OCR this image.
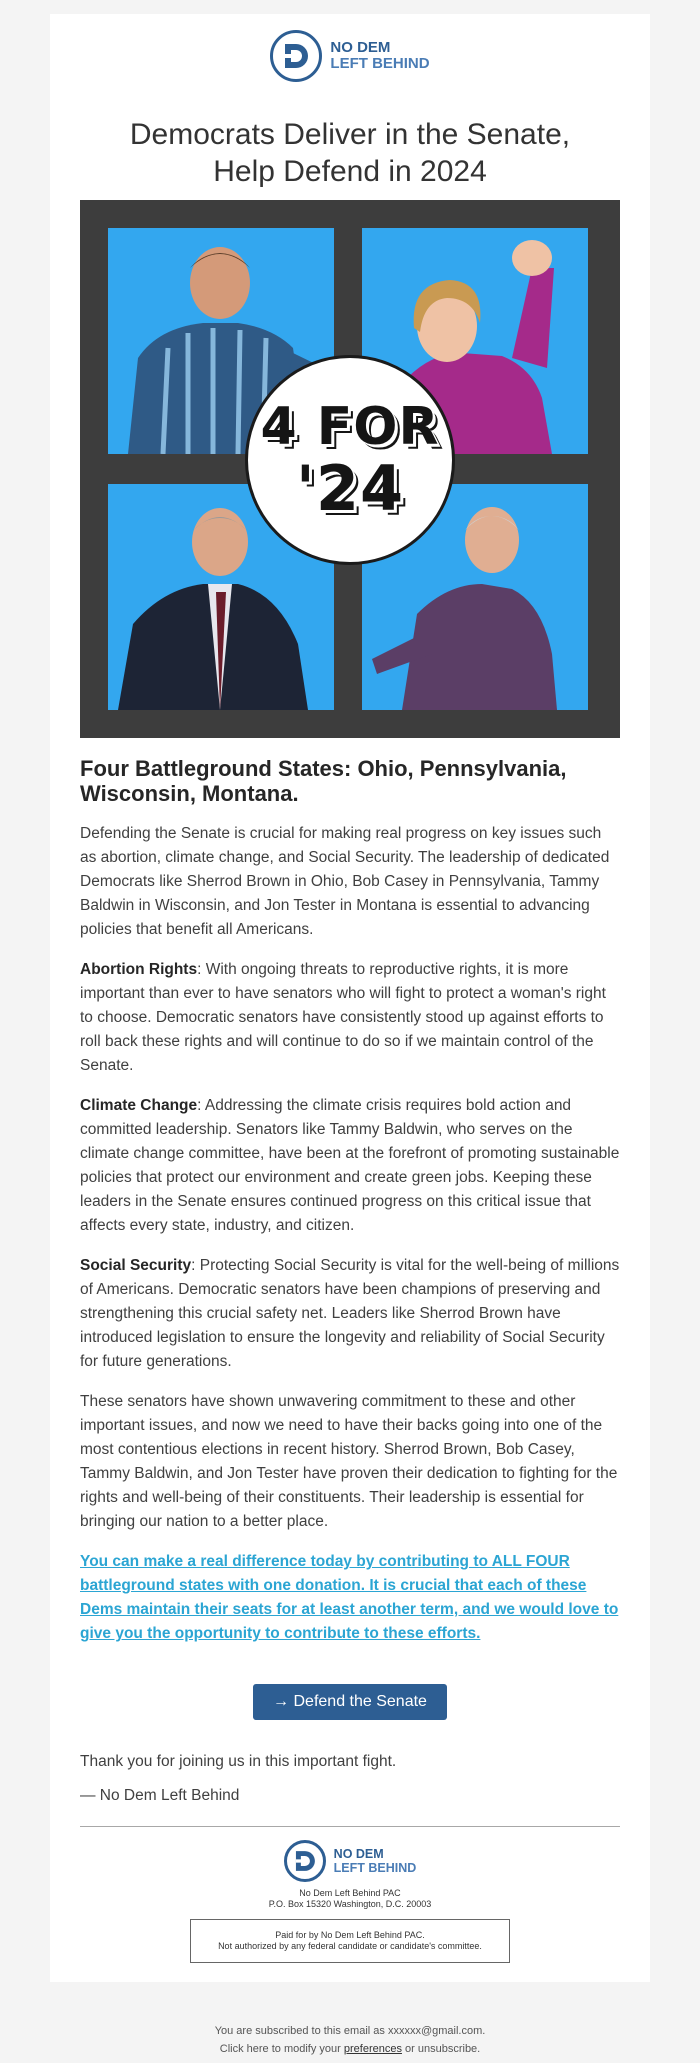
NO DEM
LEFT BEHIND
Democrats Deliver in the Senate,
Help Defend in 2024
4 FOR
'24
Four Battleground States: Ohio, Pennsylvania, Wisconsin, Montana.

Defending the Senate is crucial for making real progress on key issues such as abortion, climate change, and Social Security. The leadership of dedicated Democrats like Sherrod Brown in Ohio, Bob Casey in Pennsylvania, Tammy Baldwin in Wisconsin, and Jon Tester in Montana is essential to advancing policies that benefit all Americans.

Abortion Rights: With ongoing threats to reproductive rights, it is more important than ever to have senators who will fight to protect a woman's right to choose. Democratic senators have consistently stood up against efforts to roll back these rights and will continue to do so if we maintain control of the Senate.

Climate Change: Addressing the climate crisis requires bold action and committed leadership. Senators like Tammy Baldwin, who serves on the climate change committee, have been at the forefront of promoting sustainable policies that protect our environment and create green jobs. Keeping these leaders in the Senate ensures continued progress on this critical issue that affects every state, industry, and citizen.

Social Security: Protecting Social Security is vital for the well-being of millions of Americans. Democratic senators have been champions of preserving and strengthening this crucial safety net. Leaders like Sherrod Brown have introduced legislation to ensure the longevity and reliability of Social Security for future generations.

These senators have shown unwavering commitment to these and other important issues, and now we need to have their backs going into one of the most contentious elections in recent history. Sherrod Brown, Bob Casey, Tammy Baldwin, and Jon Tester have proven their dedication to fighting for the rights and well-being of their constituents. Their leadership is essential for bringing our nation to a better place.

You can make a real difference today by contributing to ALL FOUR battleground states with one donation. It is crucial that each of these Dems maintain their seats for at least another term, and we would love to give you the opportunity to contribute to these efforts.
→ Defend the Senate

Thank you for joining us in this important fight.

— No Dem Left Behind

NO DEM
LEFT BEHIND
No Dem Left Behind PAC
P.O. Box 15320 Washington, D.C. 20003
Paid for by No Dem Left Behind PAC.
Not authorized by any federal candidate or candidate's committee.
You are subscribed to this email as xxxxxx@gmail.com.
Click here to modify your preferences or unsubscribe.
